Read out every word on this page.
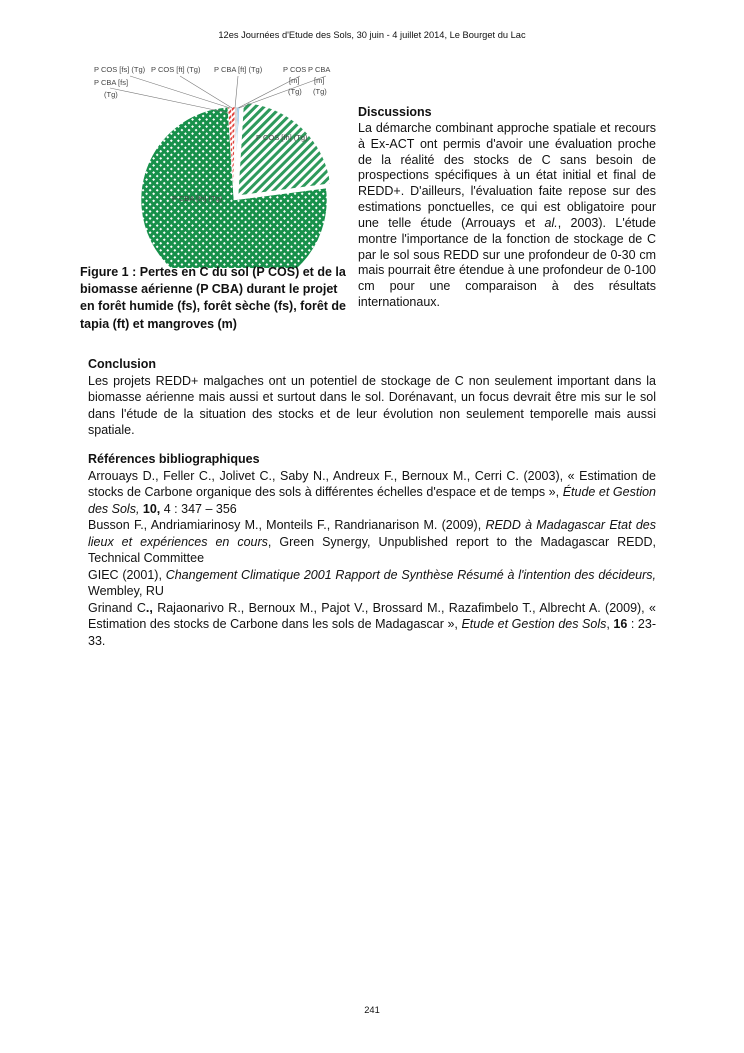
12es Journées d'Etude des Sols, 30 juin - 4 juillet 2014, Le Bourget du Lac
P COS [fs] (Tg) P COS [ft] (Tg) P CBA [ft] (Tg)
P CBA [fs]
(Tg)
P COS
[m]
(Tg)
P CBA
[m]
(Tg)
P COS [fh] (Tg)
P CBA [fh] (Tg)
Figure 1 : Pertes en C du sol (P COS) et de la biomasse aérienne (P CBA) durant le projet en forêt humide (fs), forêt sèche (fs), forêt de tapia (ft) et mangroves (m)
Discussions
La démarche combinant approche spatiale et recours à Ex-ACT ont permis d'avoir une évaluation proche de la réalité des stocks de C sans besoin de prospections spécifiques à un état initial et final de REDD+. D'ailleurs, l'évaluation faite repose sur des estimations ponctuelles, ce qui est obligatoire pour une telle étude (Arrouays et al., 2003). L'étude montre l'importance de la fonction de stockage de C par le sol sous REDD sur une profondeur de 0-30 cm mais pourrait être étendue à une profondeur de 0-100 cm pour une comparaison à des résultats internationaux.
Conclusion
Les projets REDD+ malgaches ont un potentiel de stockage de C non seulement important dans la biomasse aérienne mais aussi et surtout dans le sol. Dorénavant, un focus devrait être mis sur le sol dans l'étude de la situation des stocks et de leur évolution non seulement temporelle mais aussi spatiale.
Références bibliographiques

Arrouays D., Feller C., Jolivet C., Saby N., Andreux F., Bernoux M., Cerri C. (2003), « Estimation de stocks de Carbone organique des sols à différentes échelles d'espace et de temps », Étude et Gestion des Sols, 10, 4 : 347 – 356

Busson F., Andriamiarinosy M., Monteils F., Randrianarison M. (2009), REDD à Madagascar Etat des lieux et expériences en cours, Green Synergy, Unpublished report to the Madagascar REDD, Technical Committee

GIEC (2001), Changement Climatique 2001 Rapport de Synthèse Résumé à l'intention des décideurs, Wembley, RU

Grinand C., Rajaonarivo R., Bernoux M., Pajot V., Brossard M., Razafimbelo T., Albrecht A. (2009), « Estimation des stocks de Carbone dans les sols de Madagascar », Etude et Gestion des Sols, 16 : 23-33.

241
